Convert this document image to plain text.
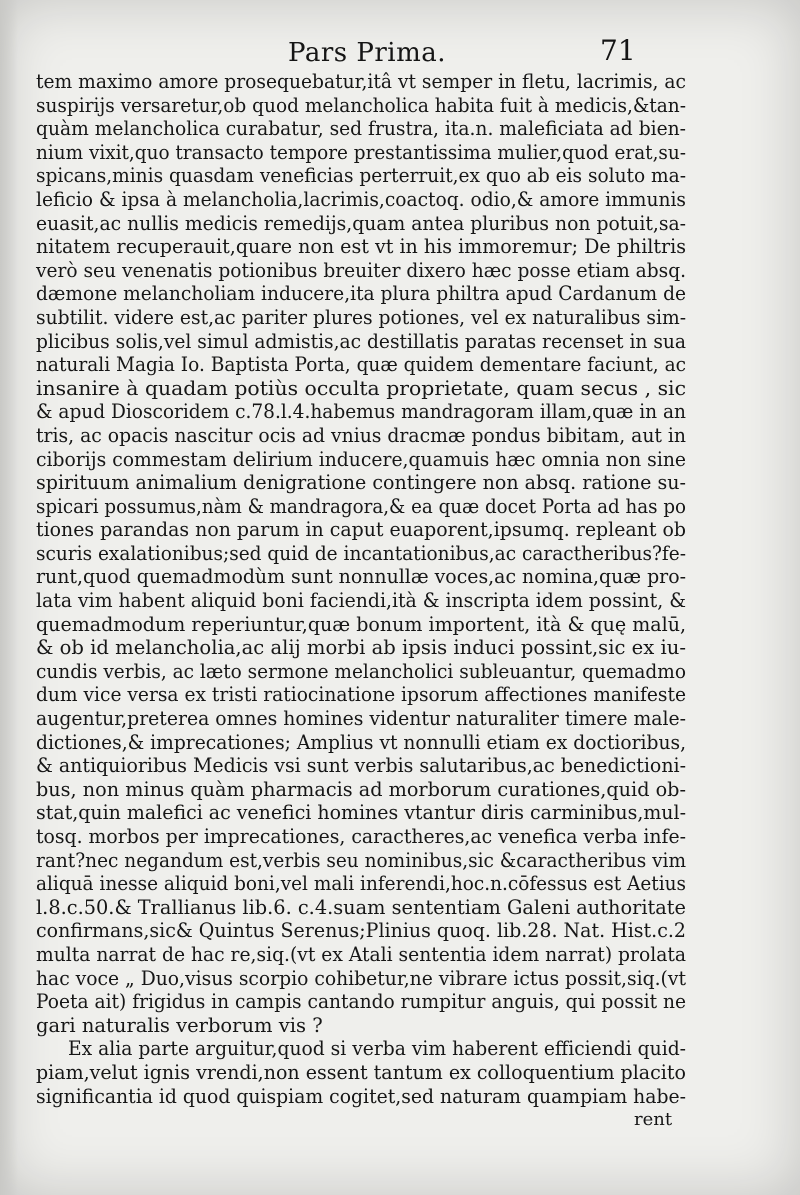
Pars Prima.	71
tem maximo amore prosequebatur,itâ vt semper in fletu, lacrimis, ac
suspirijs versaretur,ob quod melancholica habita fuit à medicis,&tan-
quàm melancholica curabatur, sed frustra, ita.n. maleficiata ad bien-
nium vixit,quo transacto tempore prestantissima mulier,quod erat,su-
spicans,minis quasdam veneficias perterruit,ex quo ab eis soluto ma-
leficio & ipsa à melancholia,lacrimis,coactoq. odio,& amore immunis
euasit,ac nullis medicis remedijs,quam antea pluribus non potuit,sa-
nitatem recuperauit,quare non est vt in his immoremur; De philtris
verò seu venenatis potionibus breuiter dixero hæc posse etiam absq.
dæmone melancholiam inducere,ita plura philtra apud Cardanum de
subtilit. videre est,ac pariter plures potiones, vel ex naturalibus sim-
plicibus solis,vel simul admistis,ac destillatis paratas recenset in sua
naturali Magia Io. Baptista Porta, quæ quidem dementare faciunt, ac
insanire à quadam potiùs occulta proprietate, quam secus , sic
& apud Dioscoridem c.78.l.4.habemus mandragoram illam,quæ in an
tris, ac opacis nascitur ocis ad vnius dracmæ pondus bibitam, aut in
ciborijs commestam delirium inducere,quamuis hæc omnia non sine
spirituum animalium denigratione contingere non absq. ratione su-
spicari possumus,nàm & mandragora,& ea quæ docet Porta ad has po
tiones parandas non parum in caput euaporent,ipsumq. repleant ob
scuris exalationibus;sed quid de incantationibus,ac caractheribus?fe-
runt,quod quemadmodùm sunt nonnullæ voces,ac nomina,quæ pro-
lata vim habent aliquid boni faciendi,ità & inscripta idem possint, &
quemadmodum reperiuntur,quæ bonum importent, ità & quę malū,
& ob id melancholia,ac alij morbi ab ipsis induci possint,sic ex iu-
cundis verbis, ac læto sermone melancholici subleuantur, quemadmo
dum vice versa ex tristi ratiocinatione ipsorum affectiones manifeste
augentur,preterea omnes homines videntur naturaliter timere male-
dictiones,& imprecationes; Amplius vt nonnulli etiam ex doctioribus,
& antiquioribus Medicis vsi sunt verbis salutaribus,ac benedictioni-
bus, non minus quàm pharmacis ad morborum curationes,quid ob-
stat,quin malefici ac venefici homines vtantur diris carminibus,mul-
tosq. morbos per imprecationes, caractheres,ac venefica verba infe-
rant?nec negandum est,verbis seu nominibus,sic &caractheribus vim
aliquā inesse aliquid boni,vel mali inferendi,hoc.n.cōfessus est Aetius
l.8.c.50.& Trallianus lib.6. c.4.suam sententiam Galeni authoritate
confirmans,sic& Quintus Serenus;Plinius quoq. lib.28. Nat. Hist.c.2
multa narrat de hac re,siq.(vt ex Atali sententia idem narrat) prolata
hac voce „ Duo,visus scorpio cohibetur,ne vibrare ictus possit,siq.(vt
Poeta ait) frigidus in campis cantando rumpitur anguis, qui possit ne
gari naturalis verborum vis ?
Ex alia parte arguitur,quod si verba vim haberent efficiendi quid-
piam,velut ignis vrendi,non essent tantum ex colloquentium placito
significantia id quod quispiam cogitet,sed naturam quampiam habe-
rent
